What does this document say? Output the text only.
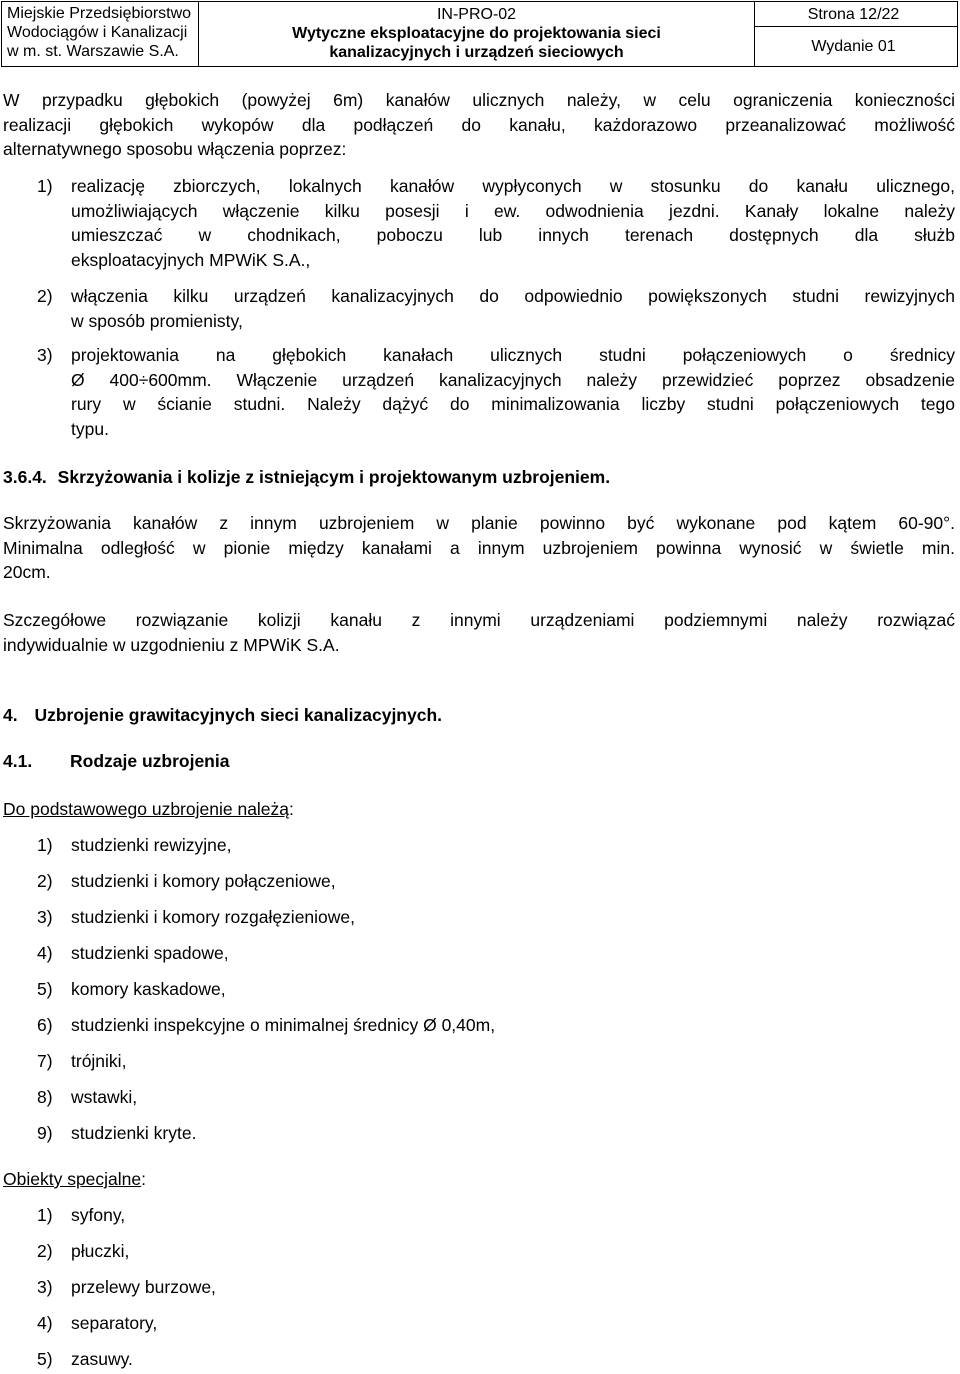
Miejskie Przedsiębiorstwo
Wodociągów i Kanalizacji
w m. st. Warszawie S.A.
IN-PRO-02
Wytyczne eksploatacyjne do projektowania sieci
kanalizacyjnych i urządzeń sieciowych
Strona 12/22
Wydanie 01
W przypadku głębokich (powyżej 6m) kanałów ulicznych należy, w celu ograniczenia konieczności
realizacji głębokich wykopów dla podłączeń do kanału, każdorazowo przeanalizować możliwość
alternatywnego sposobu włączenia poprzez:
1) realizację zbiorczych, lokalnych kanałów wypłyconych w stosunku do kanału ulicznego,
umożliwiających włączenie kilku posesji i ew. odwodnienia jezdni. Kanały lokalne należy
umieszczać w chodnikach, poboczu lub innych terenach dostępnych dla służb
eksploatacyjnych MPWiK S.A.,
2) włączenia kilku urządzeń kanalizacyjnych do odpowiednio powiększonych studni rewizyjnych
w sposób promienisty,
3) projektowania na głębokich kanałach ulicznych studni połączeniowych o średnicy
Ø 400÷600mm. Włączenie urządzeń kanalizacyjnych należy przewidzieć poprzez obsadzenie
rury w ścianie studni. Należy dążyć do minimalizowania liczby studni połączeniowych tego
typu.
3.6.4. Skrzyżowania i kolizje z istniejącym i projektowanym uzbrojeniem.
Skrzyżowania kanałów z innym uzbrojeniem w planie powinno być wykonane pod kątem 60-90°.
Minimalna odległość w pionie między kanałami a innym uzbrojeniem powinna wynosić w świetle min.
20cm.
Szczegółowe rozwiązanie kolizji kanału z innymi urządzeniami podziemnymi należy rozwiązać
indywidualnie w uzgodnieniu z MPWiK S.A.
4. Uzbrojenie grawitacyjnych sieci kanalizacyjnych.
4.1. Rodzaje uzbrojenia
Do podstawowego uzbrojenie należą:
1) studzienki rewizyjne,
2) studzienki i komory połączeniowe,
3) studzienki i komory rozgałęzieniowe,
4) studzienki spadowe,
5) komory kaskadowe,
6) studzienki inspekcyjne o minimalnej średnicy Ø 0,40m,
7) trójniki,
8) wstawki,
9) studzienki kryte.
Obiekty specjalne:
1) syfony,
2) płuczki,
3) przelewy burzowe,
4) separatory,
5) zasuwy.
